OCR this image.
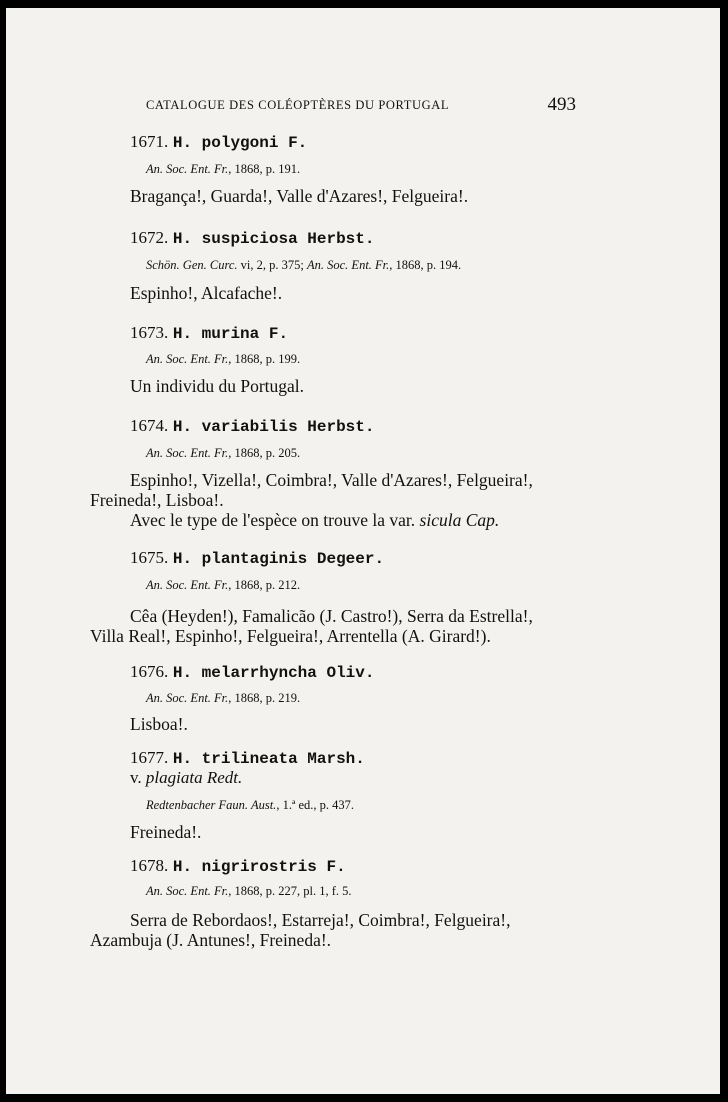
CATALOGUE DES COLÉOPTÈRES DU PORTUGAL	493
1671. H. polygoni F.
An. Soc. Ent. Fr., 1868, p. 191.
Bragança!, Guarda!, Valle d'Azares!, Felgueira!.
1672. H. suspiciosa Herbst.
Schön. Gen. Curc. vi, 2, p. 375; An. Soc. Ent. Fr., 1868, p. 194.
Espinho!, Alcafache!.
1673. H. murina F.
An. Soc. Ent. Fr., 1868, p. 199.
Un individu du Portugal.
1674. H. variabilis Herbst.
An. Soc. Ent. Fr., 1868, p. 205.
Espinho!, Vizella!, Coimbra!, Valle d'Azares!, Felgueira!,
Freineda!, Lisboa!.
Avec le type de l'espèce on trouve la var. sicula Cap.
1675. H. plantaginis Degeer.
An. Soc. Ent. Fr., 1868, p. 212.
Cêa (Heyden!), Famalicão (J. Castro!), Serra da Estrella!,
Villa Real!, Espinho!, Felgueira!, Arrentella (A. Girard!).
1676. H. melarrhyncha Oliv.
An. Soc. Ent. Fr., 1868, p. 219.
Lisboa!.
1677. H. trilineata Marsh.
v. plagiata Redt.
Redtenbacher Faun. Aust., 1.ª ed., p. 437.
Freineda!.
1678. H. nigrirostris F.
An. Soc. Ent. Fr., 1868, p. 227, pl. 1, f. 5.
Serra de Rebordaos!, Estarreja!, Coimbra!, Felgueira!,
Azambuja (J. Antunes!, Freineda!.
